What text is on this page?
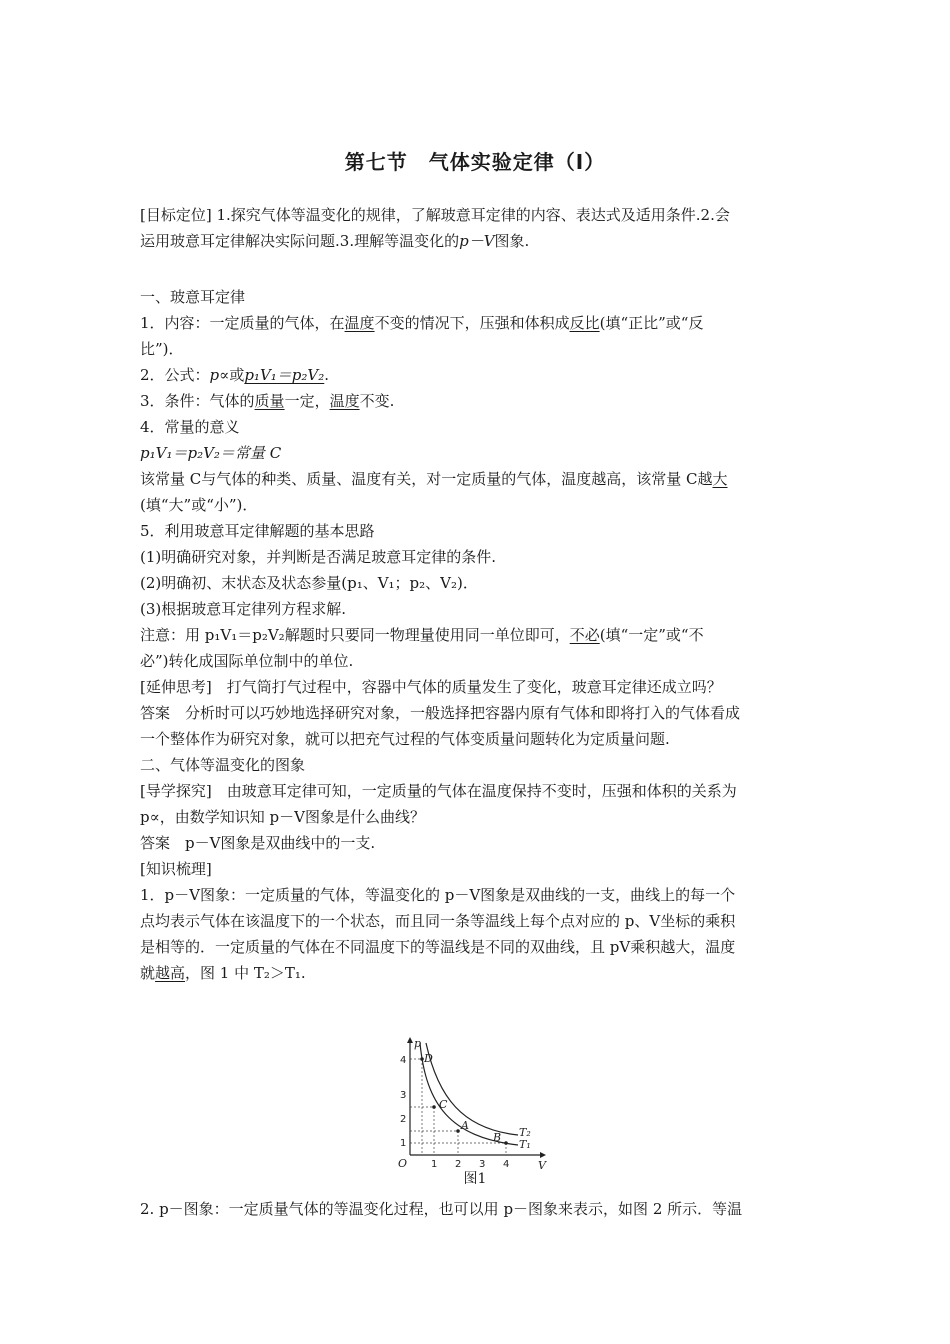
第七节　气体实验定律（Ⅰ）
[目标定位] 1.探究气体等温变化的规律，了解玻意耳定律的内容、表达式及适用条件.2.会
运用玻意耳定律解决实际问题.3.理解等温变化的p－V图象.
一、玻意耳定律
1．内容：一定质量的气体，在温度不变的情况下，压强和体积成反比(填“正比”或“反
比”)．
2．公式：p∝或p₁V₁＝p₂V₂.
3．条件：气体的质量一定，温度不变.
4．常量的意义
p₁V₁＝p₂V₂＝常量 C
该常量 C与气体的种类、质量、温度有关，对一定质量的气体，温度越高，该常量 C越大
(填“大”或“小”)．
5．利用玻意耳定律解题的基本思路
(1)明确研究对象，并判断是否满足玻意耳定律的条件.
(2)明确初、末状态及状态参量(p₁、V₁；p₂、V₂)．
(3)根据玻意耳定律列方程求解.
注意：用 p₁V₁＝p₂V₂解题时只要同一物理量使用同一单位即可，不必(填“一定”或“不
必”)转化成国际单位制中的单位.
[延伸思考]　打气筒打气过程中，容器中气体的质量发生了变化，玻意耳定律还成立吗？
答案　分析时可以巧妙地选择研究对象，一般选择把容器内原有气体和即将打入的气体看成
一个整体作为研究对象，就可以把充气过程的气体变质量问题转化为定质量问题.
二、气体等温变化的图象
[导学探究]　由玻意耳定律可知，一定质量的气体在温度保持不变时，压强和体积的关系为
p∝，由数学知识知 p－V图象是什么曲线？
答案　p－V图象是双曲线中的一支.
[知识梳理]
1．p－V图象：一定质量的气体，等温变化的 p－V图象是双曲线的一支，曲线上的每一个
点均表示气体在该温度下的一个状态，而且同一条等温线上每个点对应的 p、V坐标的乘积
是相等的．一定质量的气体在不同温度下的等温线是不同的双曲线，且 pV乘积越大，温度
就越高，图 1 中 T₂＞T₁.
p
V
O
D
C
A
B T₂
T₁
1
2
3
4
1 2 3 4
图1
2. p－图象：一定质量气体的等温变化过程，也可以用 p－图象来表示，如图 2 所示．等温
